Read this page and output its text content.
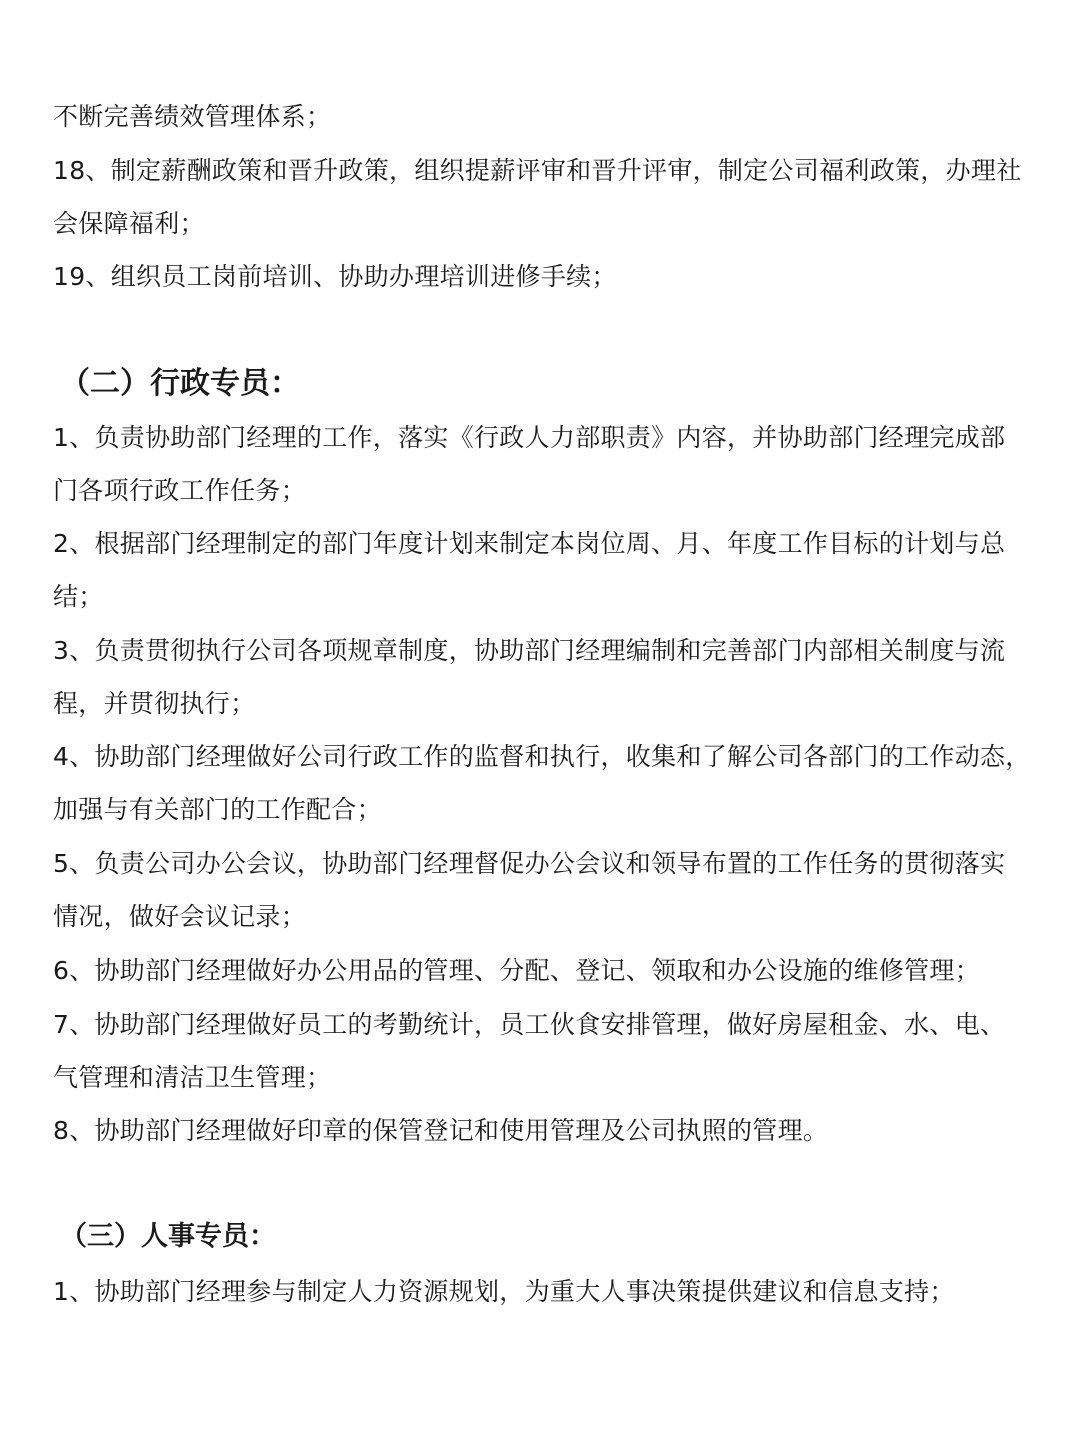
不断完善绩效管理体系；
18、制定薪酬政策和晋升政策，组织提薪评审和晋升评审，制定公司福利政策，办理社
会保障福利；
19、组织员工岗前培训、协助办理培训进修手续；
（二）行政专员：
1、负责协助部门经理的工作，落实《行政人力部职责》内容，并协助部门经理完成部
门各项行政工作任务；
2、根据部门经理制定的部门年度计划来制定本岗位周、月、年度工作目标的计划与总
结；
3、负责贯彻执行公司各项规章制度，协助部门经理编制和完善部门内部相关制度与流
程，并贯彻执行；
4、协助部门经理做好公司行政工作的监督和执行，收集和了解公司各部门的工作动态，
加强与有关部门的工作配合；
5、负责公司办公会议，协助部门经理督促办公会议和领导布置的工作任务的贯彻落实
情况，做好会议记录；
6、协助部门经理做好办公用品的管理、分配、登记、领取和办公设施的维修管理；
7、协助部门经理做好员工的考勤统计，员工伙食安排管理，做好房屋租金、水、电、
气管理和清洁卫生管理；
8、协助部门经理做好印章的保管登记和使用管理及公司执照的管理。
（三）人事专员：
1、协助部门经理参与制定人力资源规划，为重大人事决策提供建议和信息支持；
